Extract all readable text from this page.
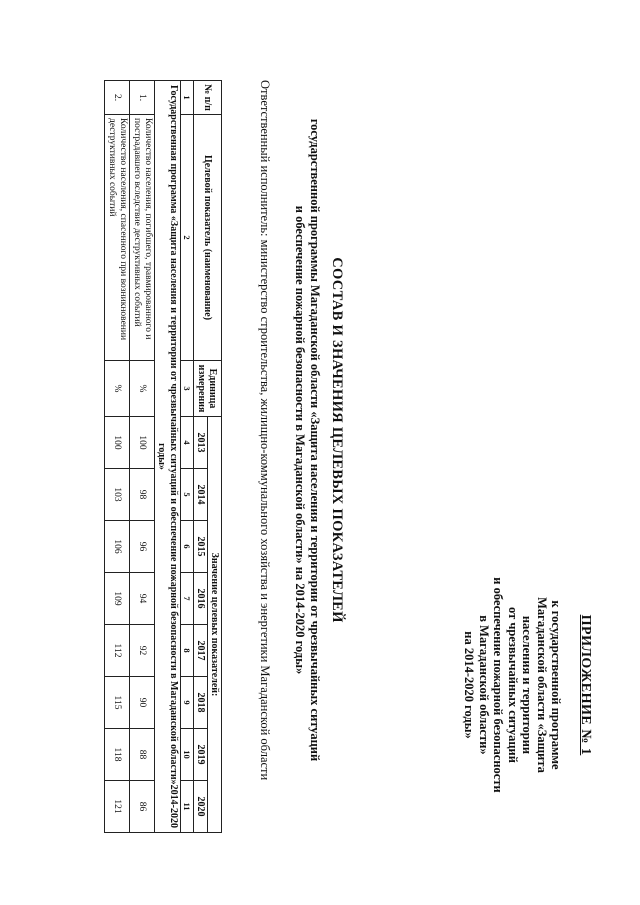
ПРИЛОЖЕНИЕ № 1
к государственной программе
Магаданской области «Защита
населения и территории
от чрезвычайных ситуаций
и обеспечение пожарной безопасности
в Магаданской области»
на 2014-2020 годы»
СОСТАВ И ЗНАЧЕНИЯ ЦЕЛЕВЫХ ПОКАЗАТЕЛЕЙ
государственной программы Магаданской области «Защита населения и территории от чрезвычайных ситуаций
и обеспечение пожарной безопасности в Магаданской области» на 2014-2020 годы»
Ответственный исполнитель: министерство строительства, жилищно-коммунального хозяйства и энергетики Магаданской области
№ п/п	Целевой показатель (наименование)	Единица измерения	Значение целевых показателей:							
			2013	2014	2015	2016	2017	2018	2019	2020
1	2	3	4	5	6	7	8	9	10	11
Государственная программа «Защита населения и территории от чрезвычайных ситуаций и обеспечение пожарной безопасности в Магаданской области»2014-2020 годы»										
1.	Количество населения, погибшего, травмированного и пострадавшего вследствие деструктивных событий	%	100	98	96	94	92	90	88	86
2.	Количество населения, спасенного при возникновении деструктивных событий	%	100	103	106	109	112	115	118	121
